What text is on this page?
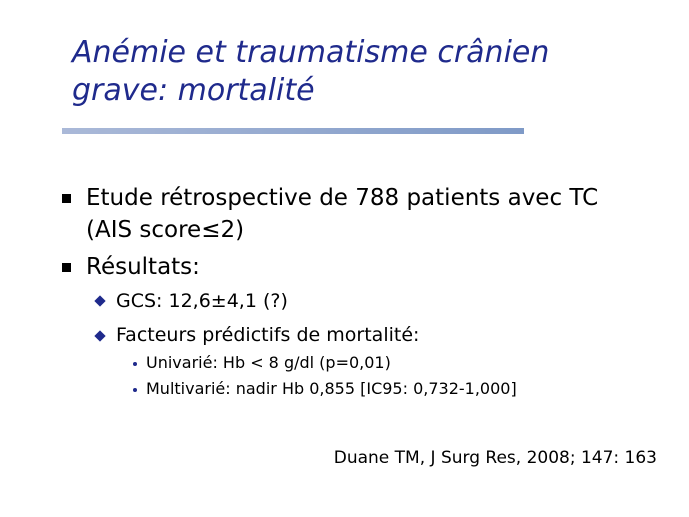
Anémie et traumatisme crânien
grave: mortalité
Etude rétrospective de 788 patients avec TC
(AIS score≤2)
Résultats:
GCS: 12,6±4,1 (?)
Facteurs prédictifs de mortalité:
Univarié: Hb < 8 g/dl (p=0,01)
Multivarié: nadir Hb 0,855 [IC95: 0,732-1,000]
Duane TM, J Surg Res, 2008; 147: 163
